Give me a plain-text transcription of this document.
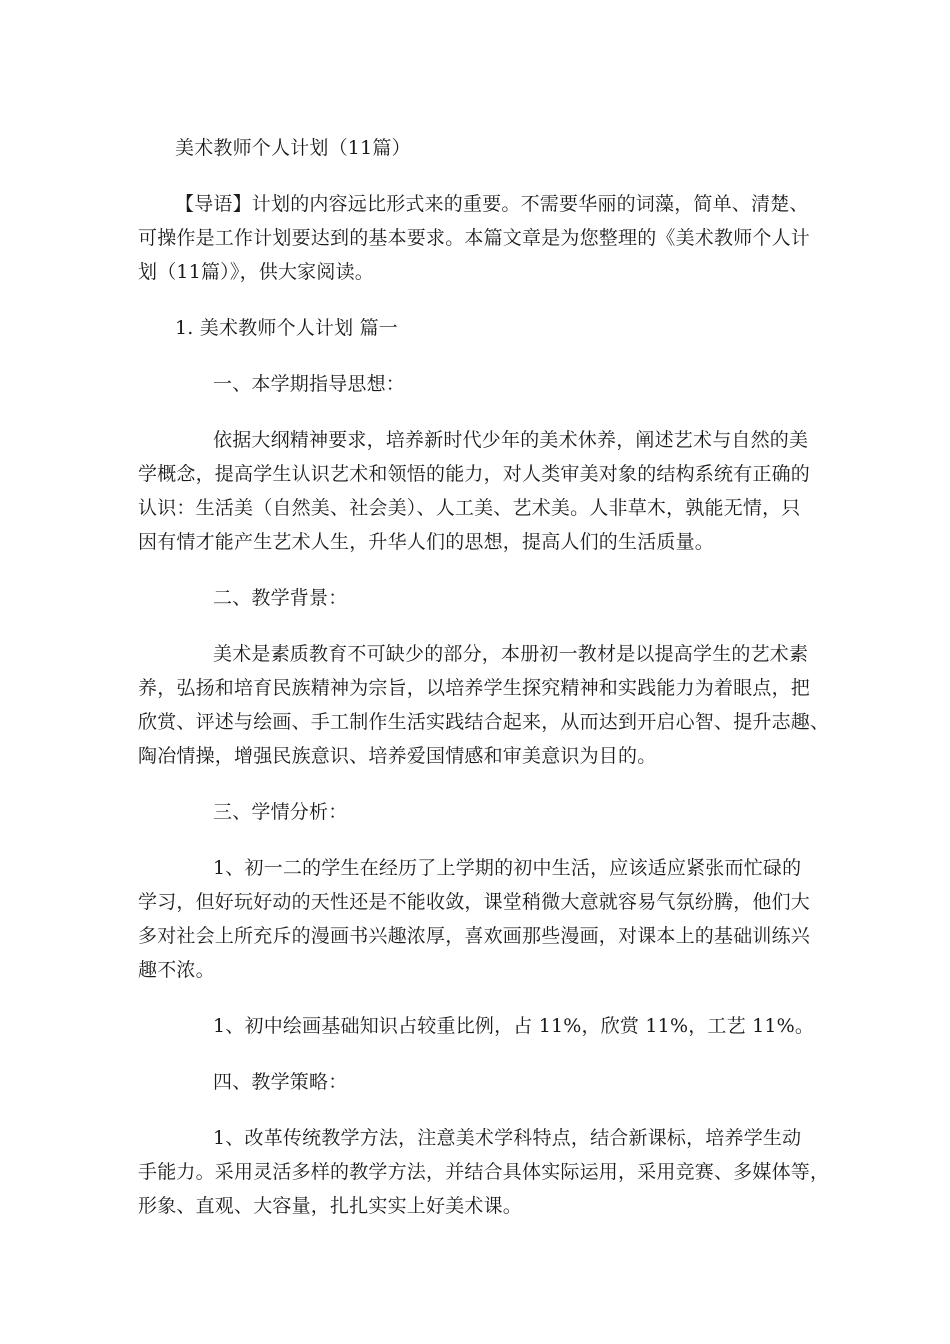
美术教师个人计划（11篇）
【导语】计划的内容远比形式来的重要。不需要华丽的词藻，简单、清楚、
可操作是工作计划要达到的基本要求。本篇文章是为您整理的《美术教师个人计
划（11篇）》，供大家阅读。
1. 美术教师个人计划 篇一
一、本学期指导思想：
依据大纲精神要求，培养新时代少年的美术休养，阐述艺术与自然的美
学概念，提高学生认识艺术和领悟的能力，对人类审美对象的结构系统有正确的
认识：生活美（自然美、社会美）、人工美、艺术美。人非草木，孰能无情，只
因有情才能产生艺术人生，升华人们的思想，提高人们的生活质量。
二、教学背景：
美术是素质教育不可缺少的部分，本册初一教材是以提高学生的艺术素
养，弘扬和培育民族精神为宗旨，以培养学生探究精神和实践能力为着眼点，把
欣赏、评述与绘画、手工制作生活实践结合起来，从而达到开启心智、提升志趣、
陶冶情操，增强民族意识、培养爱国情感和审美意识为目的。
三、学情分析：
1、初一二的学生在经历了上学期的初中生活，应该适应紧张而忙碌的
学习，但好玩好动的天性还是不能收敛，课堂稍微大意就容易气氛纷腾，他们大
多对社会上所充斥的漫画书兴趣浓厚，喜欢画那些漫画，对课本上的基础训练兴
趣不浓。
1、初中绘画基础知识占较重比例，占 11%，欣赏 11%，工艺 11%。
四、教学策略：
1、改革传统教学方法，注意美术学科特点，结合新课标，培养学生动
手能力。采用灵活多样的教学方法，并结合具体实际运用，采用竞赛、多媒体等，
形象、直观、大容量，扎扎实实上好美术课。
